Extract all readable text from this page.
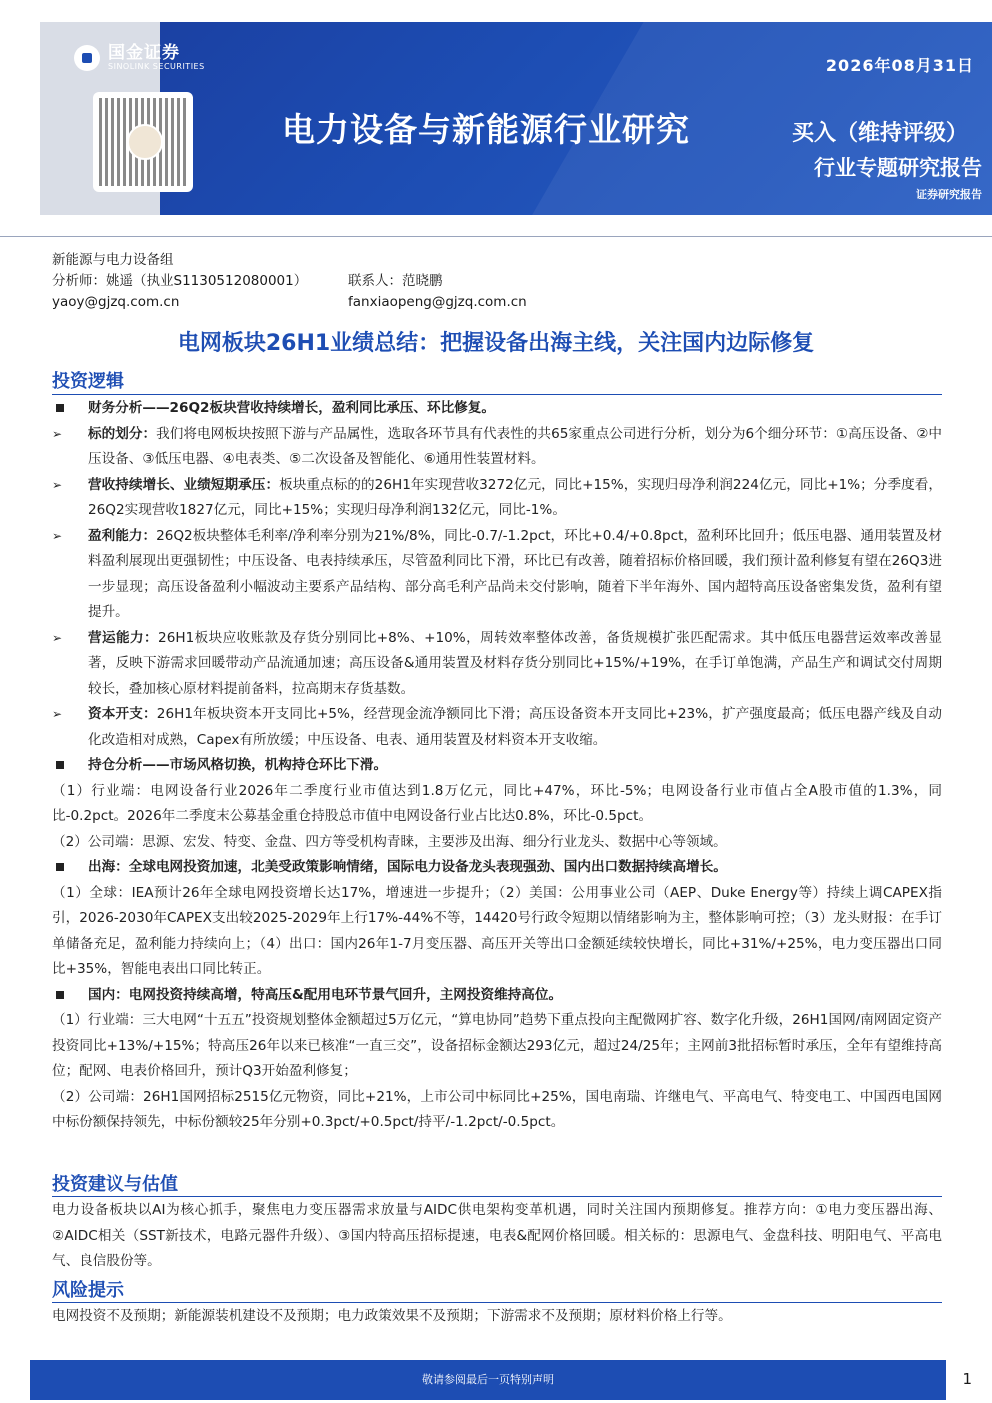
国金证券
SINOLINK SECURITIES	2026年08月31日
电力设备与新能源行业研究	买入（维持评级）
行业专题研究报告
证券研究报告
新能源与电力设备组
分析师：姚遥（执业S1130512080001）	联系人：范晓鹏
yaoy@gjzq.com.cn	fanxiaopeng@gjzq.com.cn
电网板块26H1业绩总结：把握设备出海主线，关注国内边际修复
投资逻辑
财务分析——26Q2板块营收持续增长，盈利同比承压、环比修复。
➢	标的划分：我们将电网板块按照下游与产品属性，选取各环节具有代表性的共65家重点公司进行分析，划分为6个细分环节：①高压设备、②中压设备、③低压电器、④电表类、⑤二次设备及智能化、⑥通用性装置材料。
➢	营收持续增长、业绩短期承压：板块重点标的的26H1年实现营收3272亿元，同比+15%，实现归母净利润224亿元，同比+1%；分季度看，26Q2实现营收1827亿元，同比+15%；实现归母净利润132亿元，同比-1%。
➢	盈利能力：26Q2板块整体毛利率/净利率分别为21%/8%，同比-0.7/-1.2pct，环比+0.4/+0.8pct，盈利环比回升；低压电器、通用装置及材料盈利展现出更强韧性；中压设备、电表持续承压，尽管盈利同比下滑，环比已有改善，随着招标价格回暖，我们预计盈利修复有望在26Q3进一步显现；高压设备盈利小幅波动主要系产品结构、部分高毛利产品尚未交付影响，随着下半年海外、国内超特高压设备密集发货，盈利有望提升。
➢	营运能力：26H1板块应收账款及存货分别同比+8%、+10%，周转效率整体改善，备货规模扩张匹配需求。其中低压电器营运效率改善显著，反映下游需求回暖带动产品流通加速；高压设备&通用装置及材料存货分别同比+15%/+19%，在手订单饱满，产品生产和调试交付周期较长，叠加核心原材料提前备料，拉高期末存货基数。
➢	资本开支：26H1年板块资本开支同比+5%，经营现金流净额同比下滑；高压设备资本开支同比+23%，扩产强度最高；低压电器产线及自动化改造相对成熟，Capex有所放缓；中压设备、电表、通用装置及材料资本开支收缩。
持仓分析——市场风格切换，机构持仓环比下滑。

（1）行业端：电网设备行业2026年二季度行业市值达到1.8万亿元，同比+47%，环比-5%；电网设备行业市值占全A股市值的1.3%，同比-0.2pct。2026年二季度末公募基金重仓持股总市值中电网设备行业占比达0.8%，环比-0.5pct。

（2）公司端：思源、宏发、特变、金盘、四方等受机构青睐，主要涉及出海、细分行业龙头、数据中心等领域。

出海：全球电网投资加速，北美受政策影响情绪，国际电力设备龙头表现强劲、国内出口数据持续高增长。

（1）全球：IEA预计26年全球电网投资增长达17%，增速进一步提升；（2）美国：公用事业公司（AEP、Duke Energy等）持续上调CAPEX指引，2026-2030年CAPEX支出较2025-2029年上行17%-44%不等，14420号行政令短期以情绪影响为主，整体影响可控；（3）龙头财报：在手订单储备充足，盈利能力持续向上；（4）出口：国内26年1-7月变压器、高压开关等出口金额延续较快增长，同比+31%/+25%，电力变压器出口同比+35%，智能电表出口同比转正。

国内：电网投资持续高增，特高压&配用电环节景气回升，主网投资维持高位。

（1）行业端：三大电网“十五五”投资规划整体金额超过5万亿元，“算电协同”趋势下重点投向主配微网扩容、数字化升级，26H1国网/南网固定资产投资同比+13%/+15%；特高压26年以来已核准“一直三交”，设备招标金额达293亿元，超过24/25年；主网前3批招标暂时承压，全年有望维持高位；配网、电表价格回升，预计Q3开始盈利修复；

（2）公司端：26H1国网招标2515亿元物资，同比+21%，上市公司中标同比+25%，国电南瑞、许继电气、平高电气、特变电工、中国西电国网中标份额保持领先，中标份额较25年分别+0.3pct/+0.5pct/持平/-1.2pct/-0.5pct。

投资建议与估值

电力设备板块以AI为核心抓手，聚焦电力变压器需求放量与AIDC供电架构变革机遇，同时关注国内预期修复。推荐方向：①电力变压器出海、②AIDC相关（SST新技术，电路元器件升级）、③国内特高压招标提速，电表&配网价格回暖。相关标的：思源电气、金盘科技、明阳电气、平高电气、良信股份等。

风险提示

电网投资不及预期；新能源装机建设不及预期；电力政策效果不及预期；下游需求不及预期；原材料价格上行等。

敬请参阅最后一页特别声明	1
